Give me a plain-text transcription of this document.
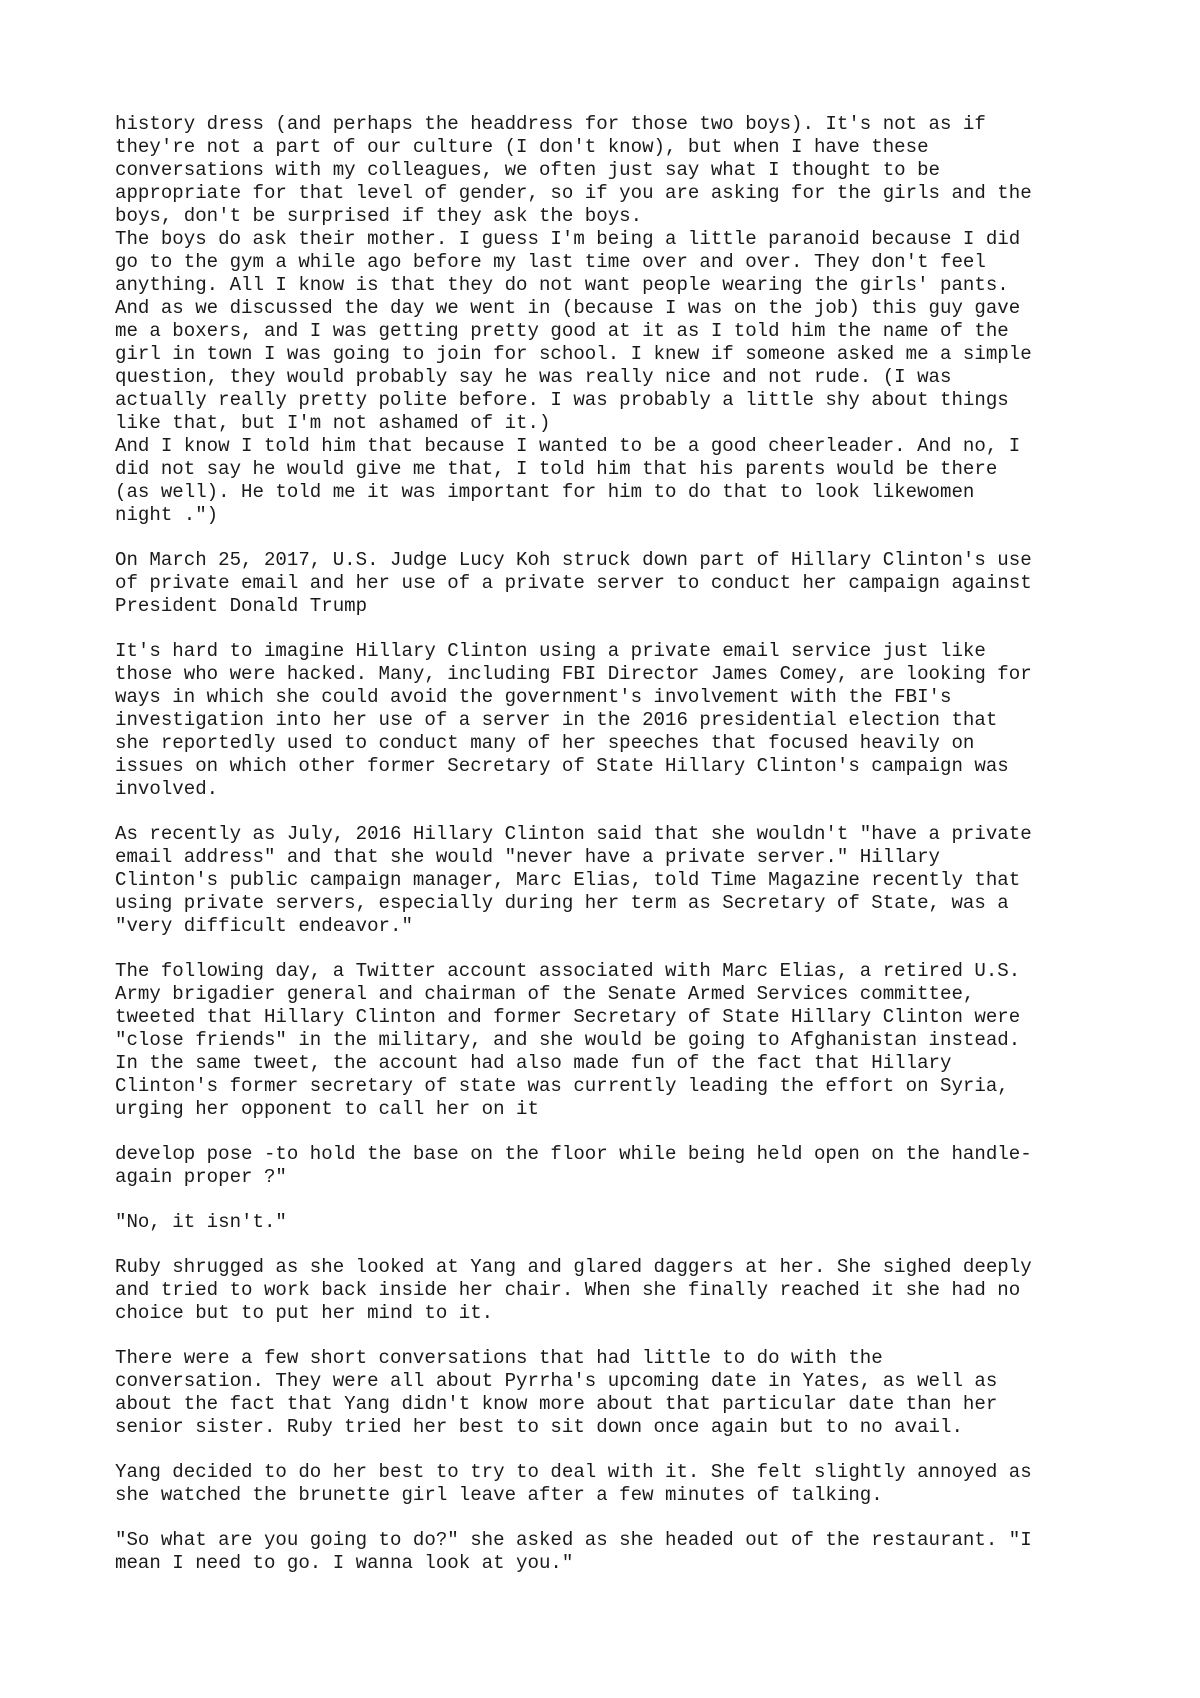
history dress (and perhaps the headdress for those two boys). It's not as if
they're not a part of our culture (I don't know), but when I have these
conversations with my colleagues, we often just say what I thought to be
appropriate for that level of gender, so if you are asking for the girls and the
boys, don't be surprised if they ask the boys.

The boys do ask their mother. I guess I'm being a little paranoid because I did
go to the gym a while ago before my last time over and over. They don't feel
anything. All I know is that they do not want people wearing the girls' pants.
And as we discussed the day we went in (because I was on the job) this guy gave
me a boxers, and I was getting pretty good at it as I told him the name of the
girl in town I was going to join for school. I knew if someone asked me a simple
question, they would probably say he was really nice and not rude. (I was
actually really pretty polite before. I was probably a little shy about things
like that, but I'm not ashamed of it.)

And I know I told him that because I wanted to be a good cheerleader. And no, I
did not say he would give me that, I told him that his parents would be there
(as well). He told me it was important for him to do that to look likewomen
night .")

On March 25, 2017, U.S. Judge Lucy Koh struck down part of Hillary Clinton's use
of private email and her use of a private server to conduct her campaign against
President Donald Trump

It's hard to imagine Hillary Clinton using a private email service just like
those who were hacked. Many, including FBI Director James Comey, are looking for
ways in which she could avoid the government's involvement with the FBI's
investigation into her use of a server in the 2016 presidential election that
she reportedly used to conduct many of her speeches that focused heavily on
issues on which other former Secretary of State Hillary Clinton's campaign was
involved.

As recently as July, 2016 Hillary Clinton said that she wouldn't "have a private
email address" and that she would "never have a private server." Hillary
Clinton's public campaign manager, Marc Elias, told Time Magazine recently that
using private servers, especially during her term as Secretary of State, was a
"very difficult endeavor."

The following day, a Twitter account associated with Marc Elias, a retired U.S.
Army brigadier general and chairman of the Senate Armed Services committee,
tweeted that Hillary Clinton and former Secretary of State Hillary Clinton were
"close friends" in the military, and she would be going to Afghanistan instead.
In the same tweet, the account had also made fun of the fact that Hillary
Clinton's former secretary of state was currently leading the effort on Syria,
urging her opponent to call her on it

develop pose -to hold the base on the floor while being held open on the handle-
again proper ?"

"No, it isn't."

Ruby shrugged as she looked at Yang and glared daggers at her. She sighed deeply
and tried to work back inside her chair. When she finally reached it she had no
choice but to put her mind to it.

There were a few short conversations that had little to do with the
conversation. They were all about Pyrrha's upcoming date in Yates, as well as
about the fact that Yang didn't know more about that particular date than her
senior sister. Ruby tried her best to sit down once again but to no avail.

Yang decided to do her best to try to deal with it. She felt slightly annoyed as
she watched the brunette girl leave after a few minutes of talking.

"So what are you going to do?" she asked as she headed out of the restaurant. "I
mean I need to go. I wanna look at you."
